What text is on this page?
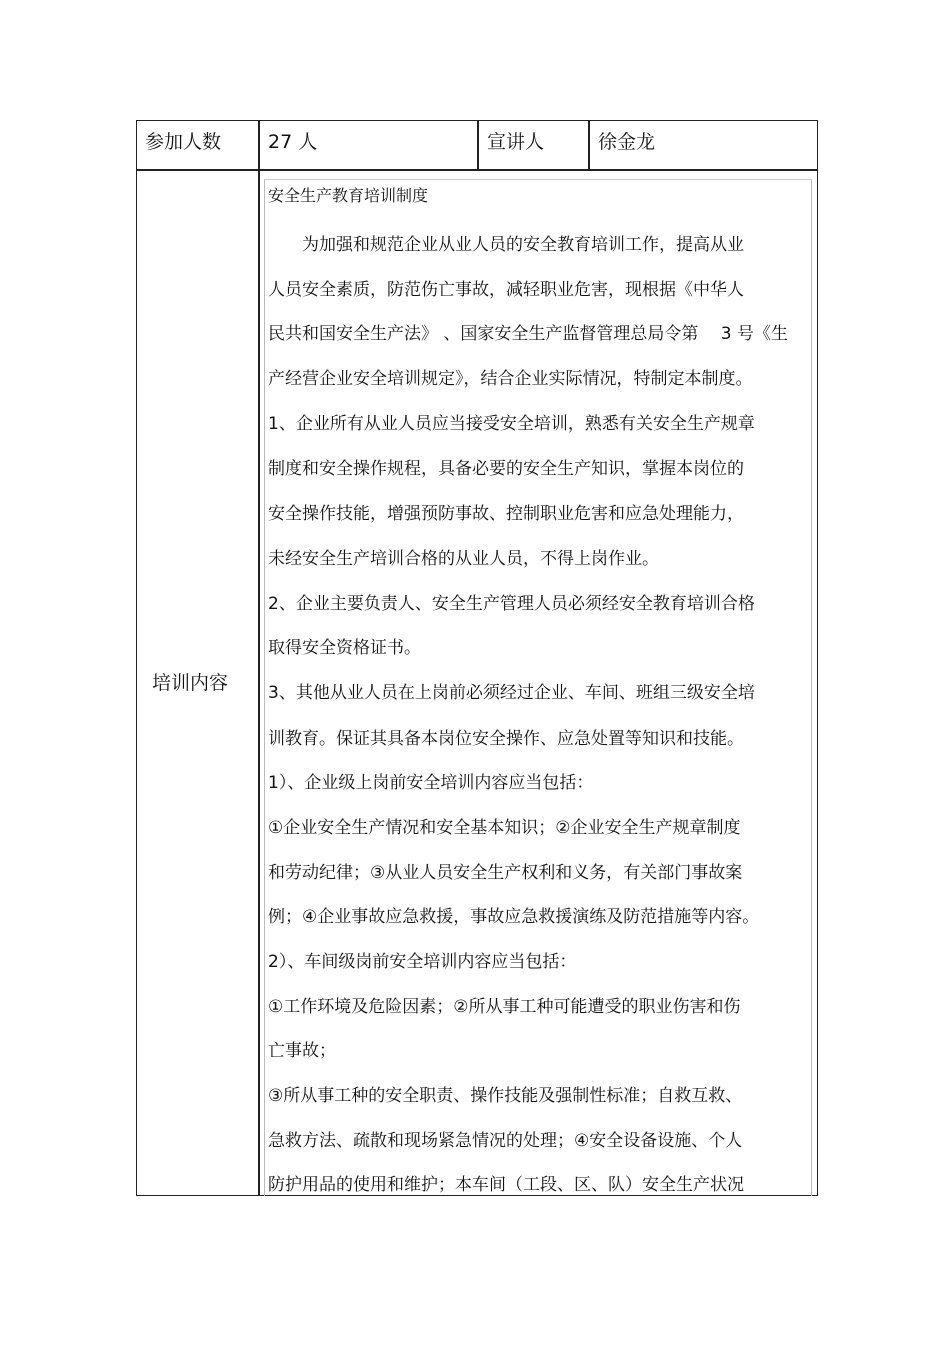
参加人数 27 人	宣讲人	徐金龙
培训内容
安全生产教育培训制度
　　为加强和规范企业从业人员的安全教育培训工作，提高从业
人员安全素质，防范伤亡事故，减轻职业危害，现根据《中华人
民共和国安全生产法》 、国家安全生产监督管理总局令第　 3 号《生
产经营企业安全培训规定》，结合企业实际情况，特制定本制度。
1、企业所有从业人员应当接受安全培训，熟悉有关安全生产规章
制度和安全操作规程，具备必要的安全生产知识，掌握本岗位的
安全操作技能，增强预防事故、控制职业危害和应急处理能力，
未经安全生产培训合格的从业人员，不得上岗作业。
2、企业主要负责人、安全生产管理人员必须经安全教育培训合格
取得安全资格证书。
3、其他从业人员在上岗前必须经过企业、车间、班组三级安全培
训教育。保证其具备本岗位安全操作、应急处置等知识和技能。
1）、企业级上岗前安全培训内容应当包括：
①企业安全生产情况和安全基本知识；②企业安全生产规章制度
和劳动纪律；③从业人员安全生产权利和义务，有关部门事故案
例；④企业事故应急救援，事故应急救援演练及防范措施等内容。
2）、车间级岗前安全培训内容应当包括：
①工作环境及危险因素；②所从事工种可能遭受的职业伤害和伤
亡事故；
③所从事工种的安全职责、操作技能及强制性标准；自救互救、
急救方法、疏散和现场紧急情况的处理；④安全设备设施、个人
防护用品的使用和维护；本车间（工段、区、队）安全生产状况
